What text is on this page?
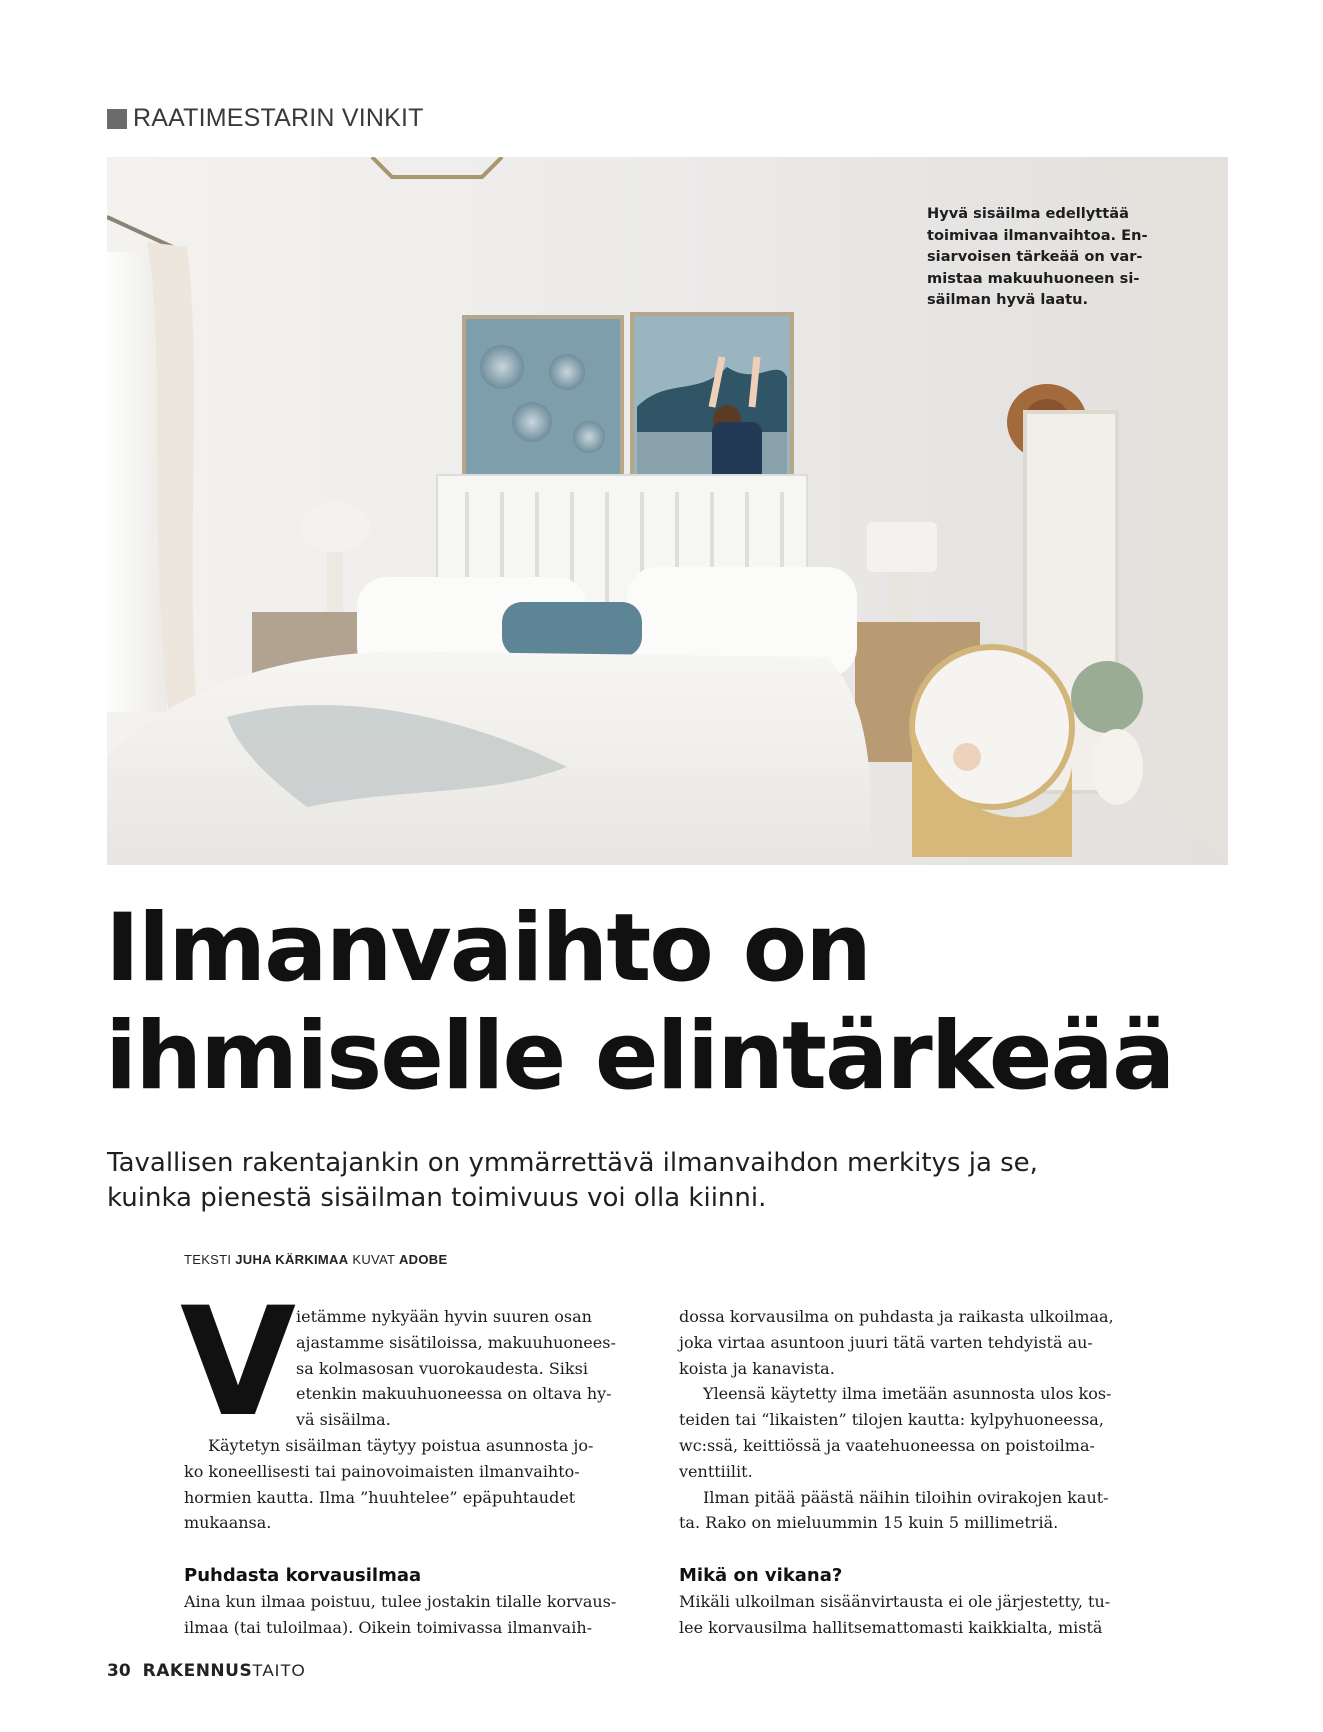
RAATIMESTARIN VINKIT
Hyvä sisäilma edellyttää
toimivaa ilmanvaihtoa. En-
siarvoisen tärkeää on var-
mistaa makuuhuoneen si-
säilman hyvä laatu.
Ilmanvaihto on
ihmiselle elintärkeää

Tavallisen rakentajankin on ymmärrettävä ilmanvaihdon merkitys ja se,
kuinka pienestä sisäilman toimivuus voi olla kiinni.

TEKSTI JUHA KÄRKIMAA KUVAT ADOBE
V ietämme nykyään hyvin suuren osan
ajastamme sisätiloissa, makuuhuonees-
sa kolmasosan vuorokaudesta. Siksi
etenkin makuuhuoneessa on oltava hy-
vä sisäilma.
Käytetyn sisäilman täytyy poistua asunnosta jo-
ko koneellisesti tai painovoimaisten ilmanvaihto-
hormien kautta. Ilma ”huuhtelee” epäpuhtaudet
mukaansa.
Puhdasta korvausilmaa
Aina kun ilmaa poistuu, tulee jostakin tilalle korvaus-
ilmaa (tai tuloilmaa). Oikein toimivassa ilmanvaih-
dossa korvausilma on puhdasta ja raikasta ulkoilmaa,
joka virtaa asuntoon juuri tätä varten tehdyistä au-
koista ja kanavista.
Yleensä käytetty ilma imetään asunnosta ulos kos-
teiden tai “likaisten” tilojen kautta: kylpyhuoneessa,
wc:ssä, keittiössä ja vaatehuoneessa on poistoilma-
venttiilit.
Ilman pitää päästä näihin tiloihin ovirakojen kaut-
ta. Rako on mieluummin 15 kuin 5 millimetriä.
Mikä on vikana?
Mikäli ulkoilman sisäänvirtausta ei ole järjestetty, tu-
lee korvausilma hallitsemattomasti kaikkialta, mistä
30 RAKENNUS TAITO
